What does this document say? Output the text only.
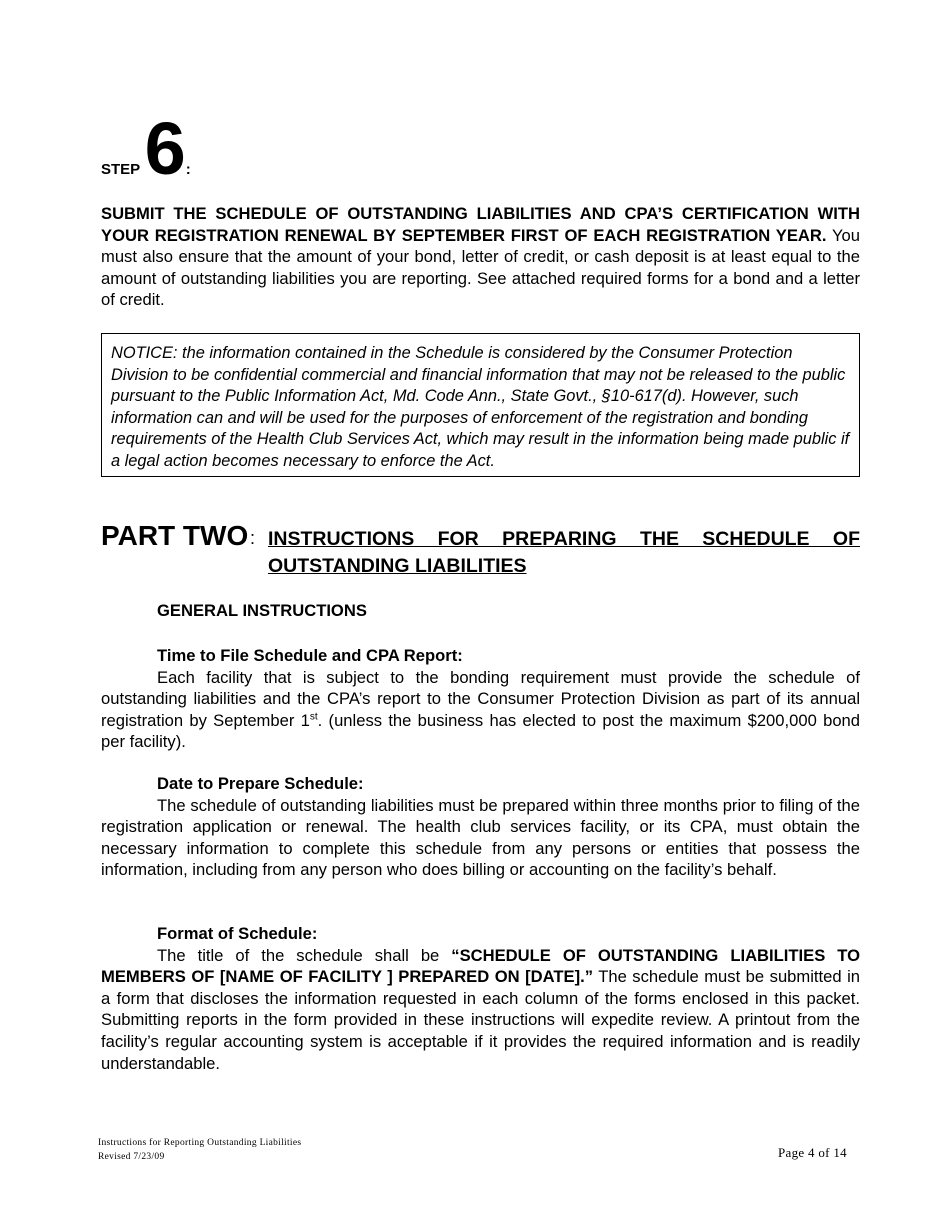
STEP 6:
SUBMIT THE SCHEDULE OF OUTSTANDING LIABILITIES AND CPA’S CERTIFICATION WITH YOUR REGISTRATION RENEWAL BY SEPTEMBER FIRST OF EACH REGISTRATION YEAR. You must also ensure that the amount of your bond, letter of credit, or cash deposit is at least equal to the amount of outstanding liabilities you are reporting. See attached required forms for a bond and a letter of credit.
NOTICE: the information contained in the Schedule is considered by the Consumer Protection Division to be confidential commercial and financial information that may not be released to the public pursuant to the Public Information Act, Md. Code Ann., State Govt., §10-617(d). However, such information can and will be used for the purposes of enforcement of the registration and bonding requirements of the Health Club Services Act, which may result in the information being made public if a legal action becomes necessary to enforce the Act.
PART TWO : INSTRUCTIONS FOR PREPARING THE SCHEDULE OF OUTSTANDING LIABILITIES
GENERAL INSTRUCTIONS
Time to File Schedule and CPA Report:
Each facility that is subject to the bonding requirement must provide the schedule of outstanding liabilities and the CPA’s report to the Consumer Protection Division as part of its annual registration by September 1st. (unless the business has elected to post the maximum $200,000 bond per facility).
Date to Prepare Schedule:
The schedule of outstanding liabilities must be prepared within three months prior to filing of the registration application or renewal. The health club services facility, or its CPA, must obtain the necessary information to complete this schedule from any persons or entities that possess the information, including from any person who does billing or accounting on the facility’s behalf.
Format of Schedule:
The title of the schedule shall be “SCHEDULE OF OUTSTANDING LIABILITIES TO MEMBERS OF [NAME OF FACILITY ] PREPARED ON [DATE].” The schedule must be submitted in a form that discloses the information requested in each column of the forms enclosed in this packet. Submitting reports in the form provided in these instructions will expedite review. A printout from the facility’s regular accounting system is acceptable if it provides the required information and is readily understandable.
Instructions for Reporting Outstanding Liabilities
Revised 7/23/09	Page 4 of 14
